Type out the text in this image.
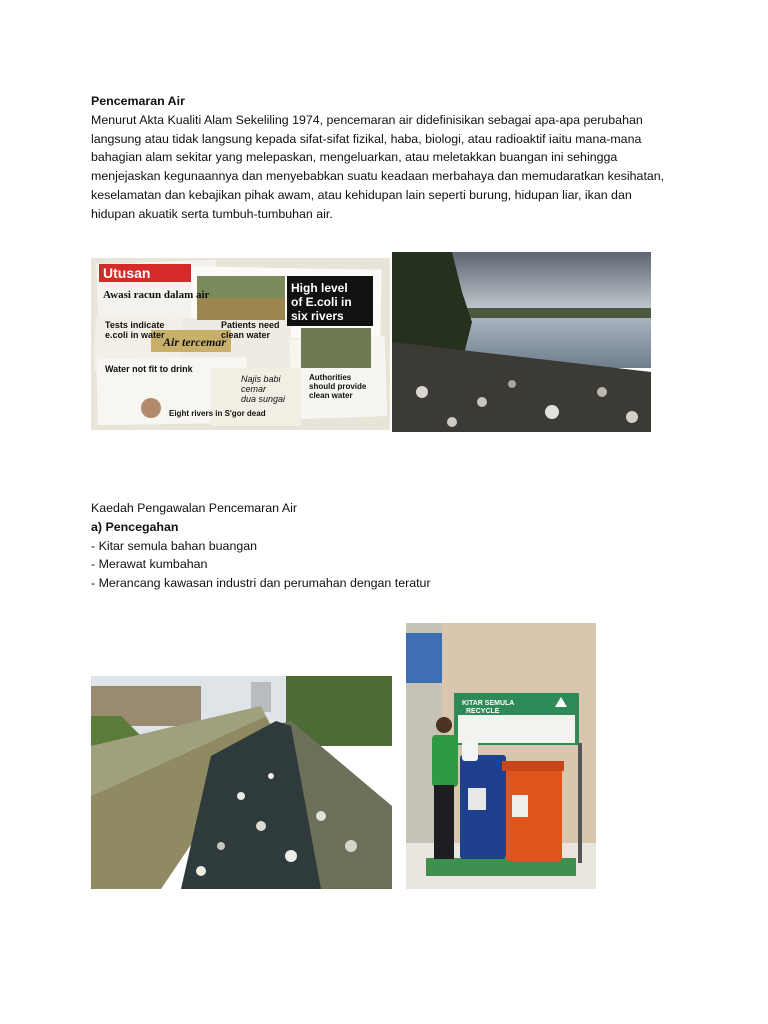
Pencemaran Air
Menurut Akta Kualiti Alam Sekeliling 1974, pencemaran air didefinisikan sebagai apa-apa perubahan
langsung atau tidak langsung kepada sifat-sifat fizikal, haba, biologi, atau radioaktif iaitu mana-mana
bahagian alam sekitar yang melepaskan, mengeluarkan, atau meletakkan buangan ini sehingga
menjejaskan kegunaannya dan menyebabkan suatu keadaan merbahaya dan memudaratkan kesihatan,
keselamatan dan kebajikan pihak awam, atau kehidupan lain seperti burung, hidupan liar, ikan dan
hidupan akuatik serta tumbuh-tumbuhan air.
Utusan
Awasi racun dalam air	High level
of E.coli in
six rivers
Tests indicate
e.coli in water
Patients need
clean water
Air tercemar
Water not fit to drink
Najis babi
cemar
dua sungai
Authorities
should provide
clean water
Eight rivers in S'gor dead
Kaedah Pengawalan Pencemaran Air
a) Pencegahan
- Kitar semula bahan buangan
- Merawat kumbahan
- Merancang kawasan industri dan perumahan dengan teratur
KITAR SEMULA
RECYCLE
